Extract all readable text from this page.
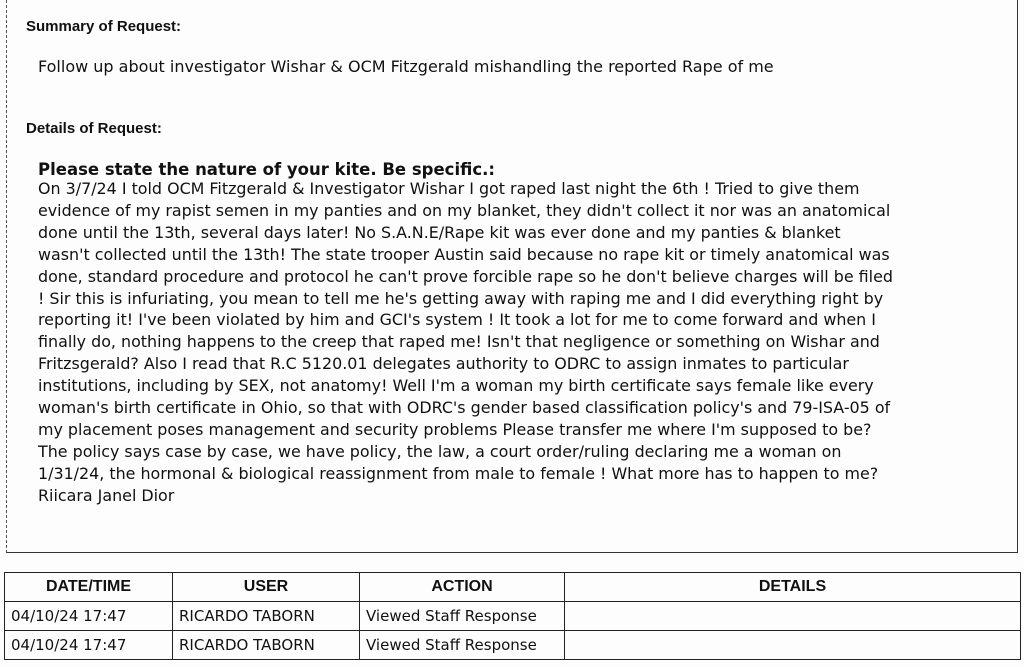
Summary of Request:
Follow up about investigator Wishar & OCM Fitzgerald mishandling the reported Rape of me
Details of Request:
Please state the nature of your kite. Be specific.:
On 3/7/24 I told OCM Fitzgerald & Investigator Wishar I got raped last night the 6th ! Tried to give them
evidence of my rapist semen in my panties and on my blanket, they didn't collect it nor was an anatomical
done until the 13th, several days later! No S.A.N.E/Rape kit was ever done and my panties & blanket
wasn't collected until the 13th! The state trooper Austin said because no rape kit or timely anatomical was
done, standard procedure and protocol he can't prove forcible rape so he don't believe charges will be filed
! Sir this is infuriating, you mean to tell me he's getting away with raping me and I did everything right by
reporting it! I've been violated by him and GCI's system ! It took a lot for me to come forward and when I
finally do, nothing happens to the creep that raped me! Isn't that negligence or something on Wishar and
Fritzsgerald? Also I read that R.C 5120.01 delegates authority to ODRC to assign inmates to particular
institutions, including by SEX, not anatomy! Well I'm a woman my birth certificate says female like every
woman's birth certificate in Ohio, so that with ODRC's gender based classification policy's and 79-ISA-05 of
my placement poses management and security problems Please transfer me where I'm supposed to be?
The policy says case by case, we have policy, the law, a court order/ruling declaring me a woman on
1/31/24, the hormonal & biological reassignment from male to female ! What more has to happen to me?
Riicara Janel Dior
DATE/TIME	USER	ACTION	DETAILS
04/10/24 17:47	RICARDO TABORN	Viewed Staff Response	
04/10/24 17:47	RICARDO TABORN	Viewed Staff Response	
